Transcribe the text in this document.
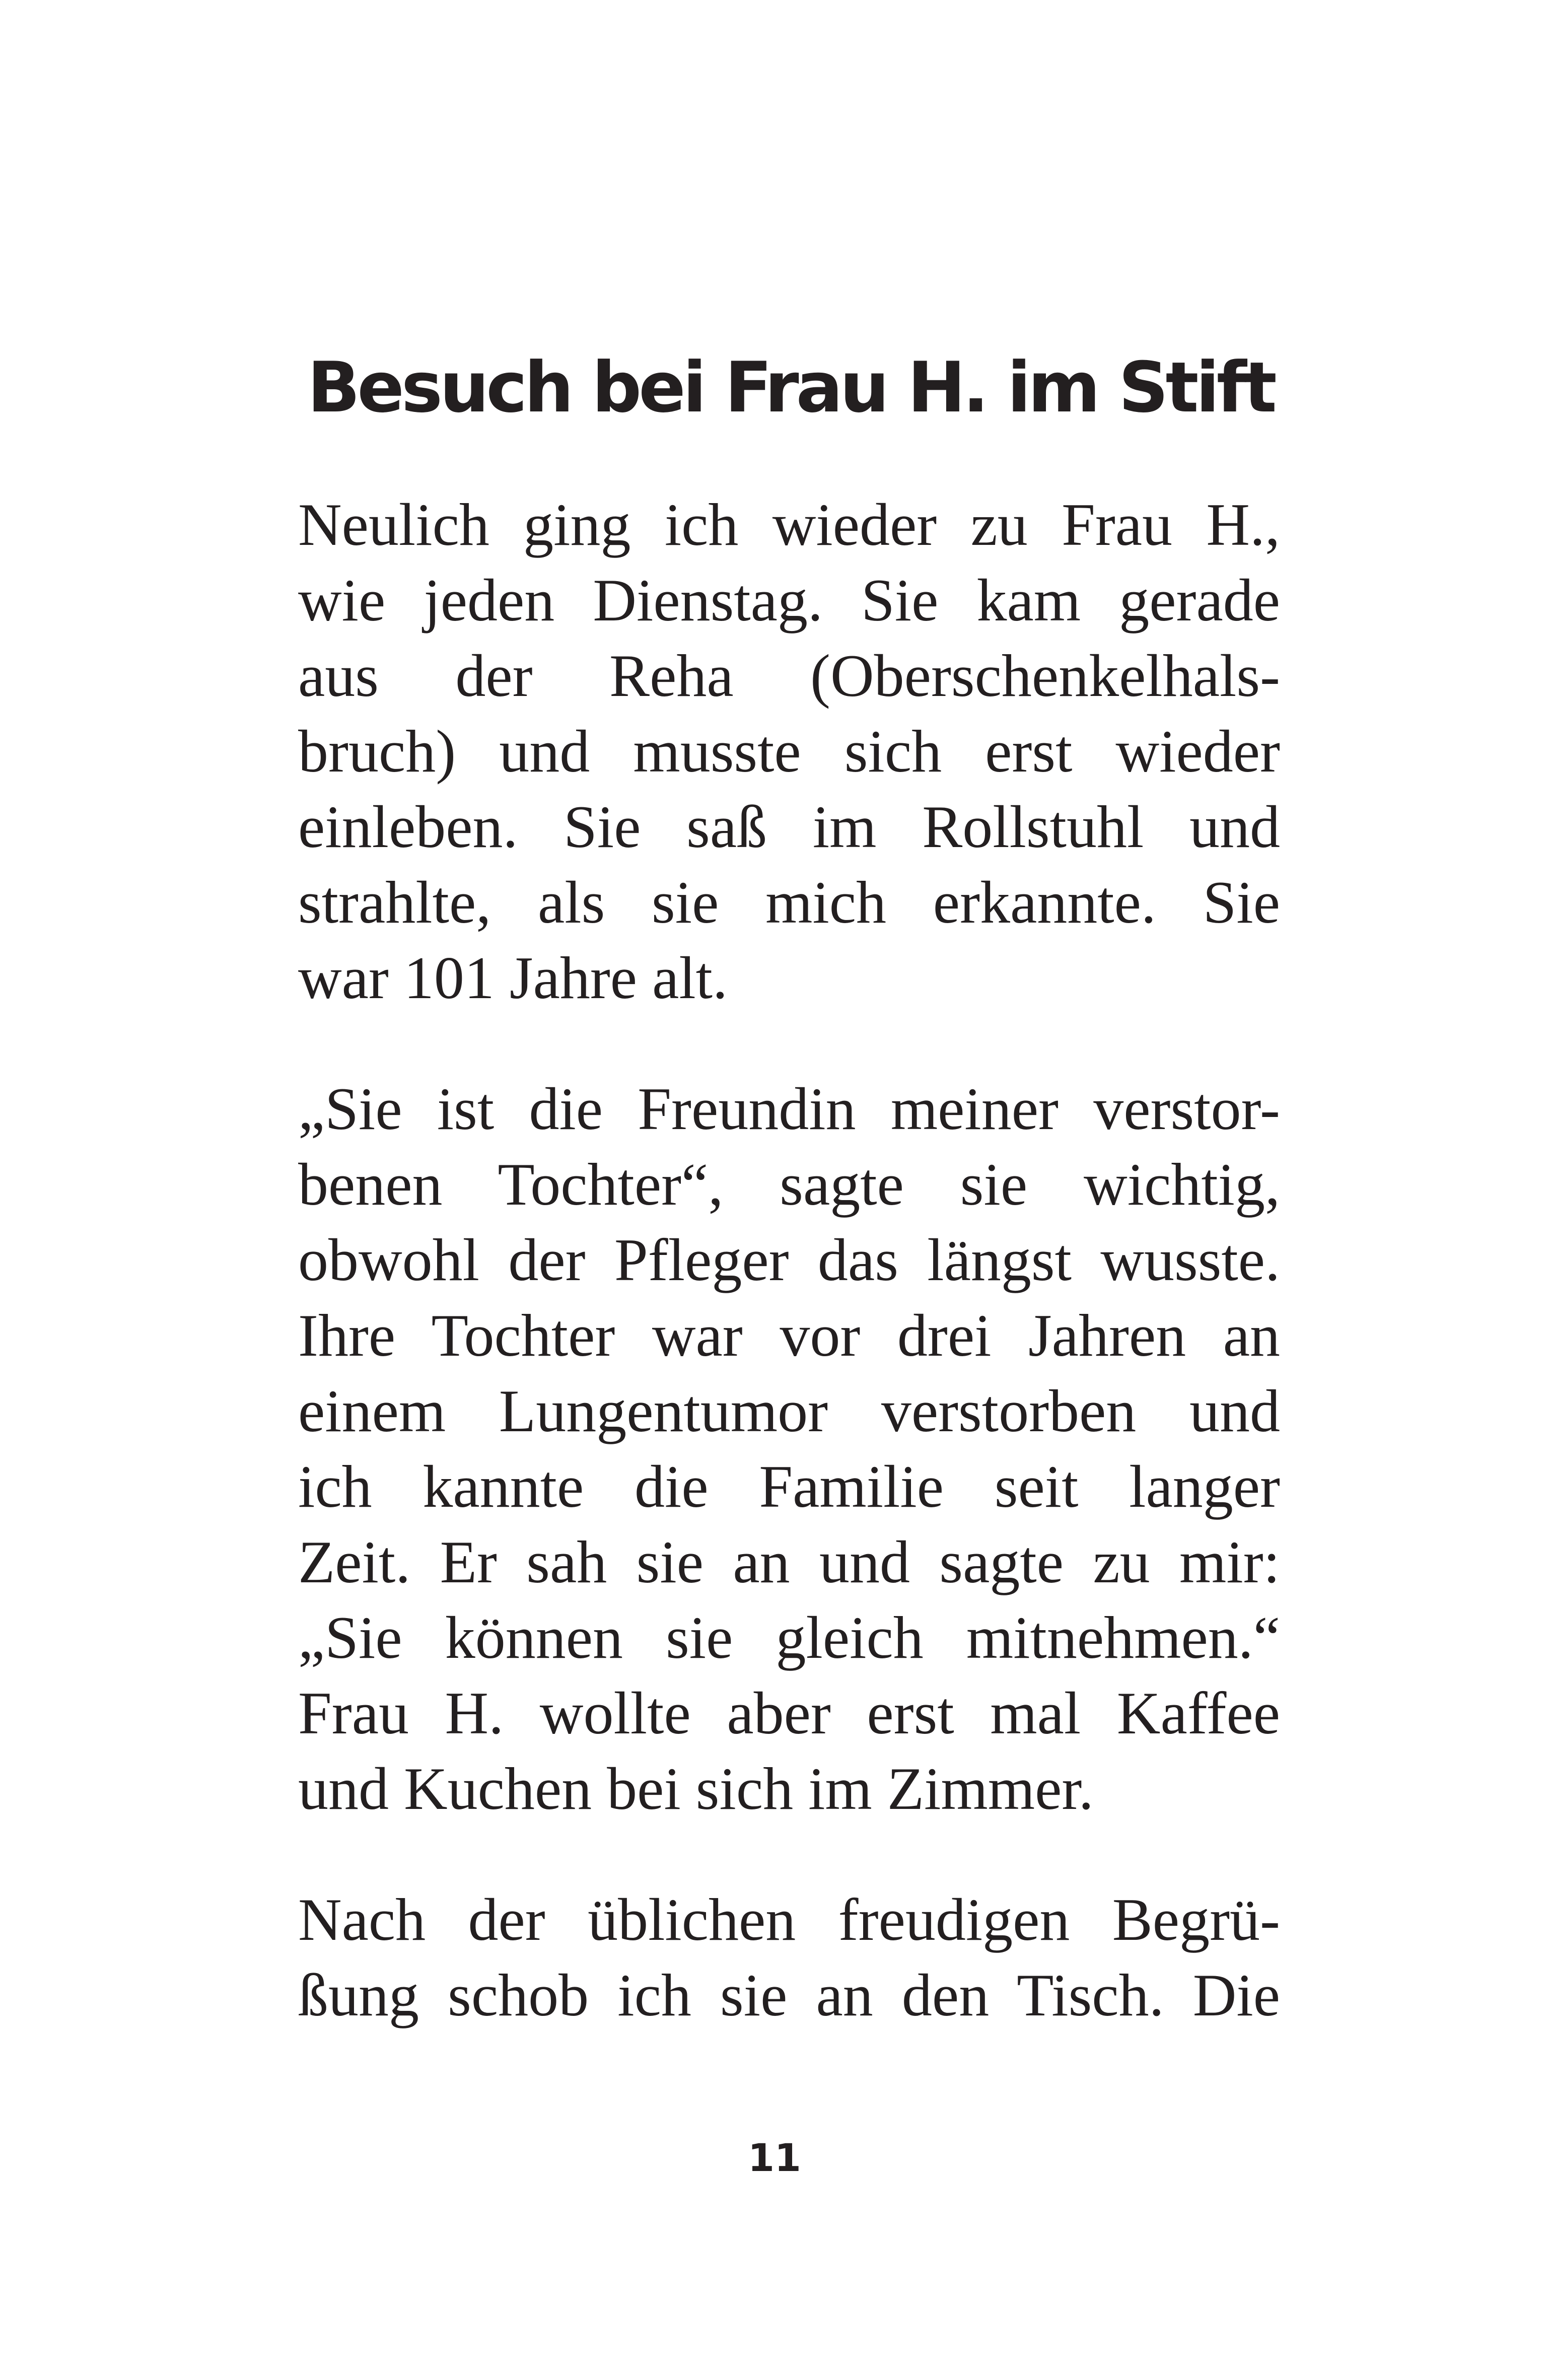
Besuch bei Frau H. im Stift
Neulich ging ich wieder zu Frau H.,
wie jeden Dienstag. Sie kam gerade
aus der Reha (Oberschenkelhals-
bruch) und musste sich erst wieder
einleben. Sie saß im Rollstuhl und
strahlte, als sie mich erkannte. Sie
war 101 Jahre alt.
„Sie ist die Freundin meiner verstor-
benen Tochter“, sagte sie wichtig,
obwohl der Pfleger das längst wusste.
Ihre Tochter war vor drei Jahren an
einem Lungentumor verstorben und
ich kannte die Familie seit langer
Zeit. Er sah sie an und sagte zu mir:
„Sie können sie gleich mitnehmen.“
Frau H. wollte aber erst mal Kaffee
und Kuchen bei sich im Zimmer.
Nach der üblichen freudigen Begrü-
ßung schob ich sie an den Tisch. Die
11
